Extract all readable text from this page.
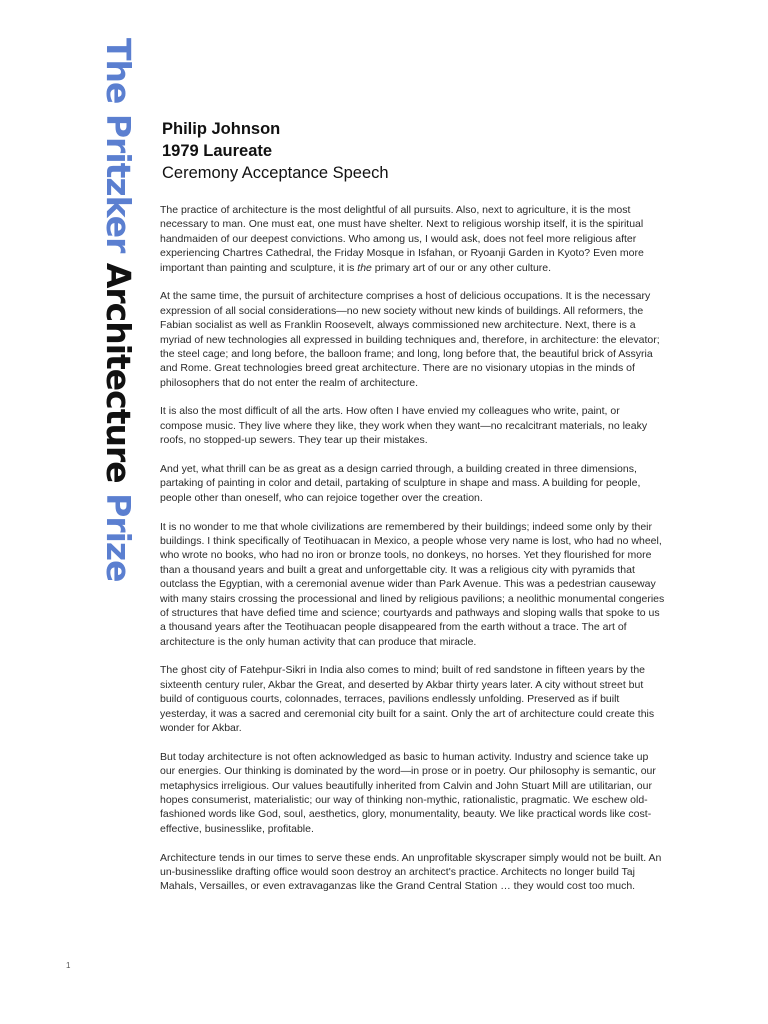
The Pritzker Architecture Prize
Philip Johnson
1979 Laureate
Ceremony Acceptance Speech

The practice of architecture is the most delightful of all pursuits. Also, next to agriculture, it is the most necessary to man. One must eat, one must have shelter. Next to religious worship itself, it is the spiritual handmaiden of our deepest convictions. Who among us, I would ask, does not feel more religious after experiencing Chartres Cathedral, the Friday Mosque in Isfahan, or Ryoanji Garden in Kyoto? Even more important than painting and sculpture, it is the primary art of our or any other culture.

At the same time, the pursuit of architecture comprises a host of delicious occupations. It is the necessary expression of all social considerations—no new society without new kinds of buildings. All reformers, the Fabian socialist as well as Franklin Roosevelt, always commissioned new architecture. Next, there is a myriad of new technologies all expressed in building techniques and, therefore, in architecture: the elevator; the steel cage; and long before, the balloon frame; and long, long before that, the beautiful brick of Assyria and Rome. Great technologies breed great architecture. There are no visionary utopias in the minds of philosophers that do not enter the realm of architecture.

It is also the most difficult of all the arts. How often I have envied my colleagues who write, paint, or compose music. They live where they like, they work when they want—no recalcitrant materials, no leaky roofs, no stopped-up sewers. They tear up their mistakes.

And yet, what thrill can be as great as a design carried through, a building created in three dimensions, partaking of painting in color and detail, partaking of sculpture in shape and mass. A building for people, people other than oneself, who can rejoice together over the creation.

It is no wonder to me that whole civilizations are remembered by their buildings; indeed some only by their buildings. I think specifically of Teotihuacan in Mexico, a people whose very name is lost, who had no wheel, who wrote no books, who had no iron or bronze tools, no donkeys, no horses. Yet they flourished for more than a thousand years and built a great and unforgettable city. It was a religious city with pyramids that outclass the Egyptian, with a ceremonial avenue wider than Park Avenue. This was a pedestrian causeway with many stairs crossing the processional and lined by religious pavilions; a neolithic monumental congeries of structures that have defied time and science; courtyards and pathways and sloping walls that spoke to us a thousand years after the Teotihuacan people disappeared from the earth without a trace. The art of architecture is the only human activity that can produce that miracle.

The ghost city of Fatehpur-Sikri in India also comes to mind; built of red sandstone in fifteen years by the sixteenth century ruler, Akbar the Great, and deserted by Akbar thirty years later. A city without street but build of contiguous courts, colonnades, terraces, pavilions endlessly unfolding. Preserved as if built yesterday, it was a sacred and ceremonial city built for a saint. Only the art of architecture could create this wonder for Akbar.

But today architecture is not often acknowledged as basic to human activity. Industry and science take up our energies. Our thinking is dominated by the word—in prose or in poetry. Our philosophy is semantic, our metaphysics irreligious. Our values beautifully inherited from Calvin and John Stuart Mill are utilitarian, our hopes consumerist, materialistic; our way of thinking non-mythic, rationalistic, pragmatic. We eschew old-fashioned words like God, soul, aesthetics, glory, monumentality, beauty. We like practical words like cost-effective, businesslike, profitable.

Architecture tends in our times to serve these ends. An unprofitable skyscraper simply would not be built. An un-businesslike drafting office would soon destroy an architect's practice. Architects no longer build Taj Mahals, Versailles, or even extravaganzas like the Grand Central Station … they would cost too much.

1
